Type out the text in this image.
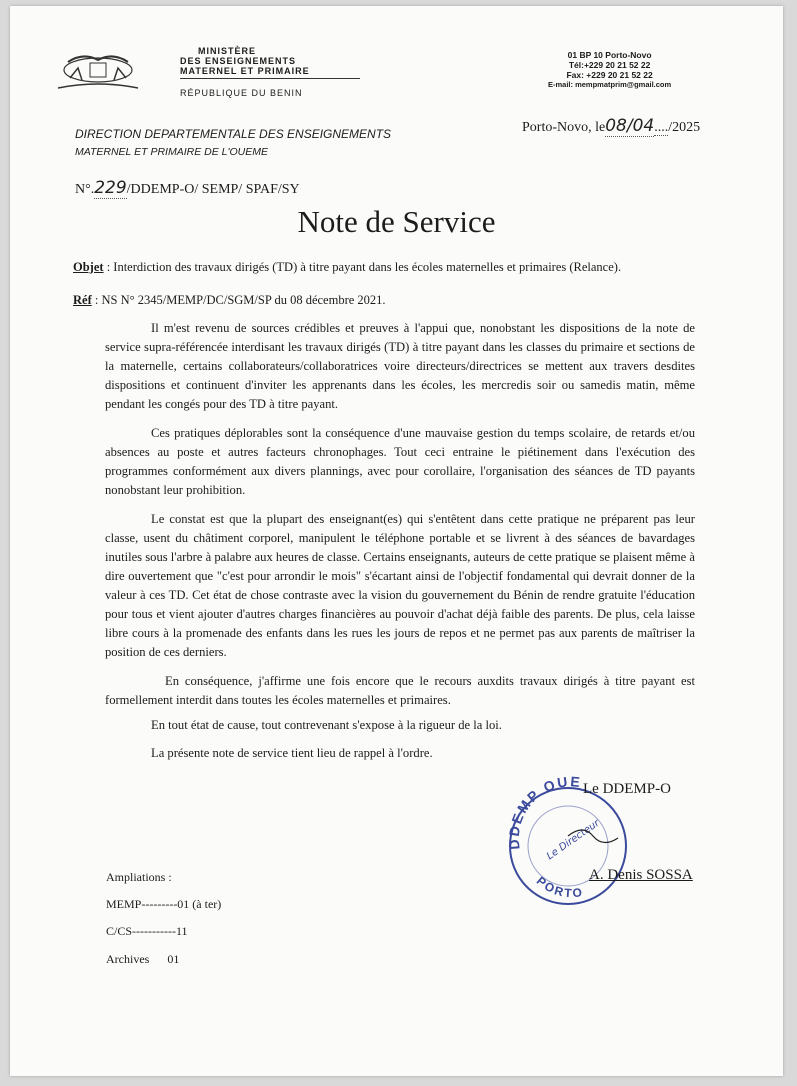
MINISTÈRE
DES ENSEIGNEMENTS
MATERNEL ET PRIMAIRE
RÉPUBLIQUE DU BENIN
01 BP 10 Porto-Novo
Tél:+229 20 21 52 22
Fax: +229 20 21 52 22
E-mail: mempmatprim@gmail.com
DIRECTION DEPARTEMENTALE DES ENSEIGNEMENTS
MATERNEL ET PRIMAIRE DE L'OUEME
Porto-Novo, le08/04..../2025
N°.229/DDEMP-O/ SEMP/ SPAF/SY
Note de Service
Objet : Interdiction des travaux dirigés (TD) à titre payant dans les écoles maternelles et primaires (Relance).
Réf : NS N° 2345/MEMP/DC/SGM/SP du 08 décembre 2021.

Il m'est revenu de sources crédibles et preuves à l'appui que, nonobstant les dispositions de la note de service supra-référencée interdisant les travaux dirigés (TD) à titre payant dans les classes du primaire et sections de la maternelle, certains collaborateurs/collaboratrices voire directeurs/directrices se mettent aux travers desdites dispositions et continuent d'inviter les apprenants dans les écoles, les mercredis soir ou samedis matin, même pendant les congés pour des TD à titre payant.

Ces pratiques déplorables sont la conséquence d'une mauvaise gestion du temps scolaire, de retards et/ou absences au poste et autres facteurs chronophages. Tout ceci entraine le piétinement dans l'exécution des programmes conformément aux divers plannings, avec pour corollaire, l'organisation des séances de TD payants nonobstant leur prohibition.

Le constat est que la plupart des enseignant(es) qui s'entêtent dans cette pratique ne préparent pas leur classe, usent du châtiment corporel, manipulent le téléphone portable et se livrent à des séances de bavardages inutiles sous l'arbre à palabre aux heures de classe. Certains enseignants, auteurs de cette pratique se plaisent même à dire ouvertement que "c'est pour arrondir le mois" s'écartant ainsi de l'objectif fondamental qui devrait donner de la valeur à ces TD. Cet état de chose contraste avec la vision du gouvernement du Bénin de rendre gratuite l'éducation pour tous et vient ajouter d'autres charges financières au pouvoir d'achat déjà faible des parents. De plus, cela laisse libre cours à la promenade des enfants dans les rues les jours de repos et ne permet pas aux parents de maîtriser la position de ces derniers.

En conséquence, j'affirme une fois encore que le recours auxdits travaux dirigés à titre payant est formellement interdit dans toutes les écoles maternelles et primaires.

En tout état de cause, tout contrevenant s'expose à la rigueur de la loi.
La présente note de service tient lieu de rappel à l'ordre.
DDEMP OUE
PORTO
Le Directeur
Le DDEMP-O
A. Denis SOSSA
Ampliations :
MEMP---------01 (à ter)
C/CS-----------11
Archives      01
